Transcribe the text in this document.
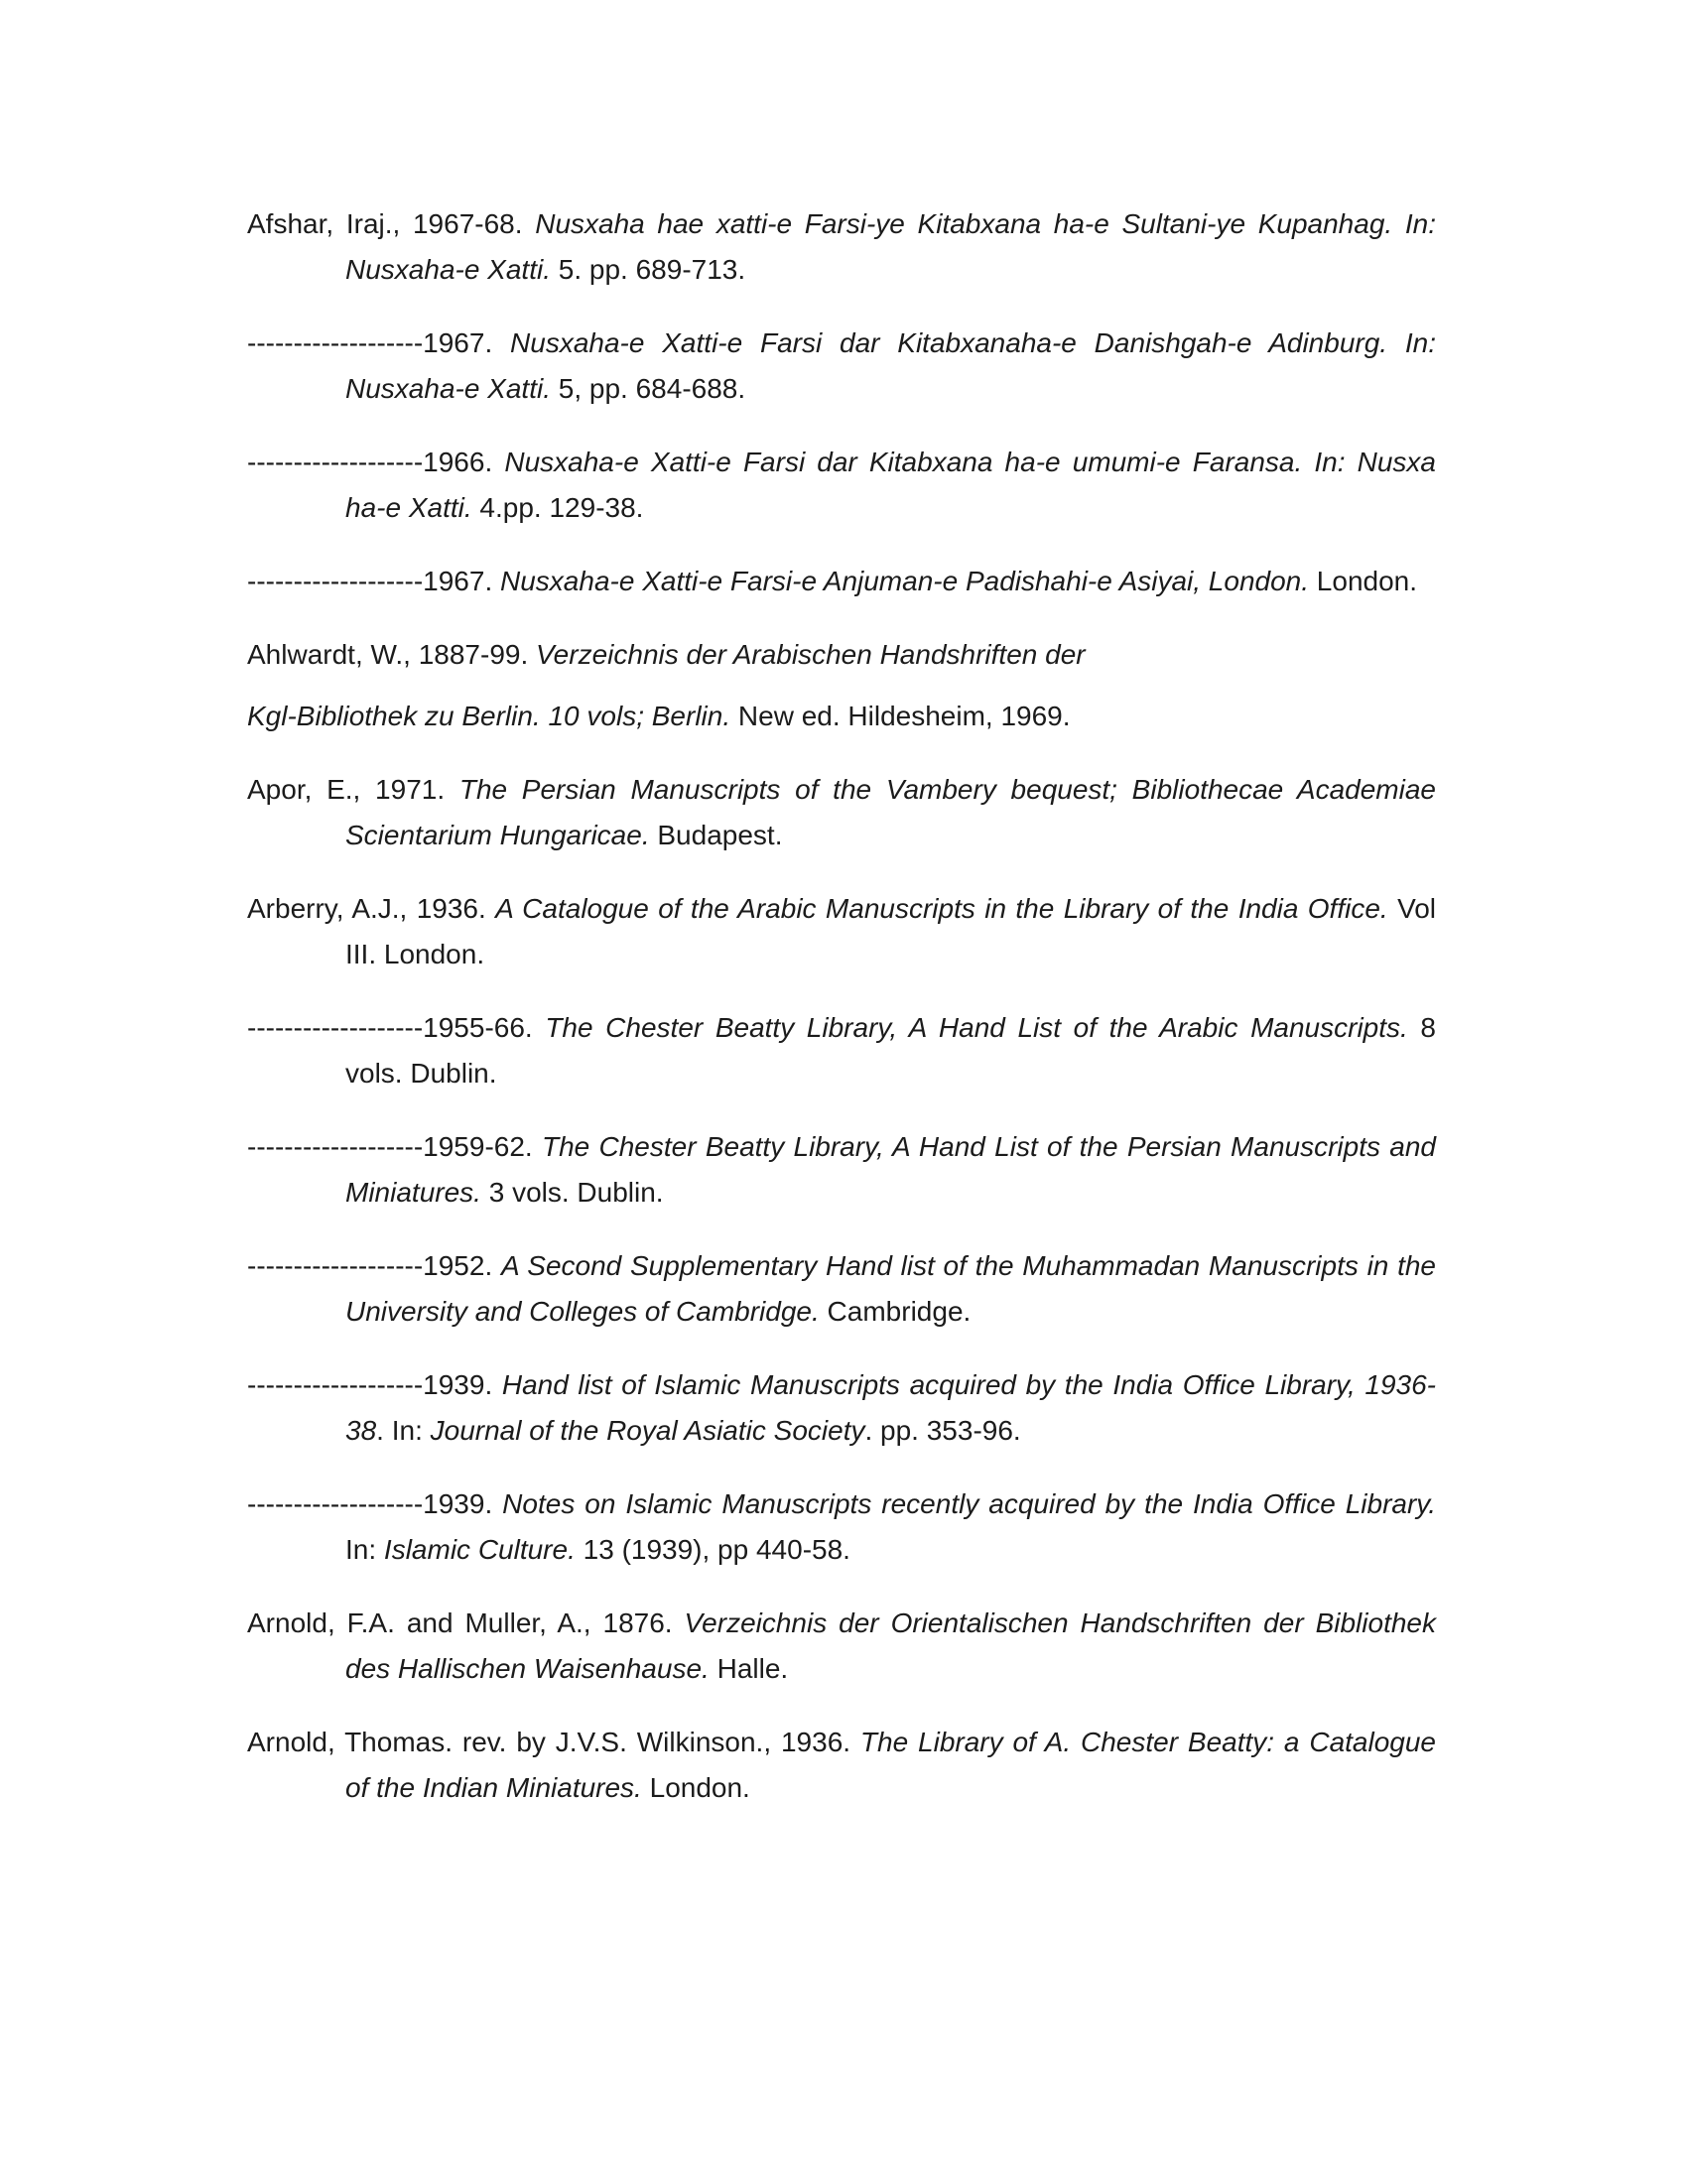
Afshar, Iraj., 1967-68. Nusxaha hae xatti-e Farsi-ye Kitabxana ha-e Sultani-ye Kupanhag. In: Nusxaha-e Xatti. 5. pp. 689-713.

-------------------1967. Nusxaha-e Xatti-e Farsi dar Kitabxanaha-e Danishgah-e Adinburg. In: Nusxaha-e Xatti. 5, pp. 684-688.

-------------------1966. Nusxaha-e Xatti-e Farsi dar Kitabxana ha-e umumi-e Faransa. In: Nusxa ha-e Xatti. 4.pp. 129-38.

-------------------1967. Nusxaha-e Xatti-e Farsi-e Anjuman-e Padishahi-e Asiyai, London. London.

Ahlwardt, W., 1887-99. Verzeichnis der Arabischen Handshriften der

Kgl-Bibliothek zu Berlin. 10 vols; Berlin. New ed. Hildesheim, 1969.

Apor, E., 1971. The Persian Manuscripts of the Vambery bequest; Bibliothecae Academiae Scientarium Hungaricae. Budapest.

Arberry, A.J., 1936. A Catalogue of the Arabic Manuscripts in the Library of the India Office. Vol III. London.

-------------------1955-66. The Chester Beatty Library, A Hand List of the Arabic Manuscripts. 8 vols. Dublin.

-------------------1959-62. The Chester Beatty Library, A Hand List of the Persian Manuscripts and Miniatures. 3 vols. Dublin.

-------------------1952. A Second Supplementary Hand list of the Muhammadan Manuscripts in the University and Colleges of Cambridge. Cambridge.

-------------------1939. Hand list of Islamic Manuscripts acquired by the India Office Library, 1936-38. In: Journal of the Royal Asiatic Society. pp. 353-96.

-------------------1939. Notes on Islamic Manuscripts recently acquired by the India Office Library. In: Islamic Culture. 13 (1939), pp 440-58.

Arnold, F.A. and Muller, A., 1876. Verzeichnis der Orientalischen Handschriften der Bibliothek des Hallischen Waisenhause. Halle.

Arnold, Thomas. rev. by J.V.S. Wilkinson., 1936. The Library of A. Chester Beatty: a Catalogue of the Indian Miniatures. London.
